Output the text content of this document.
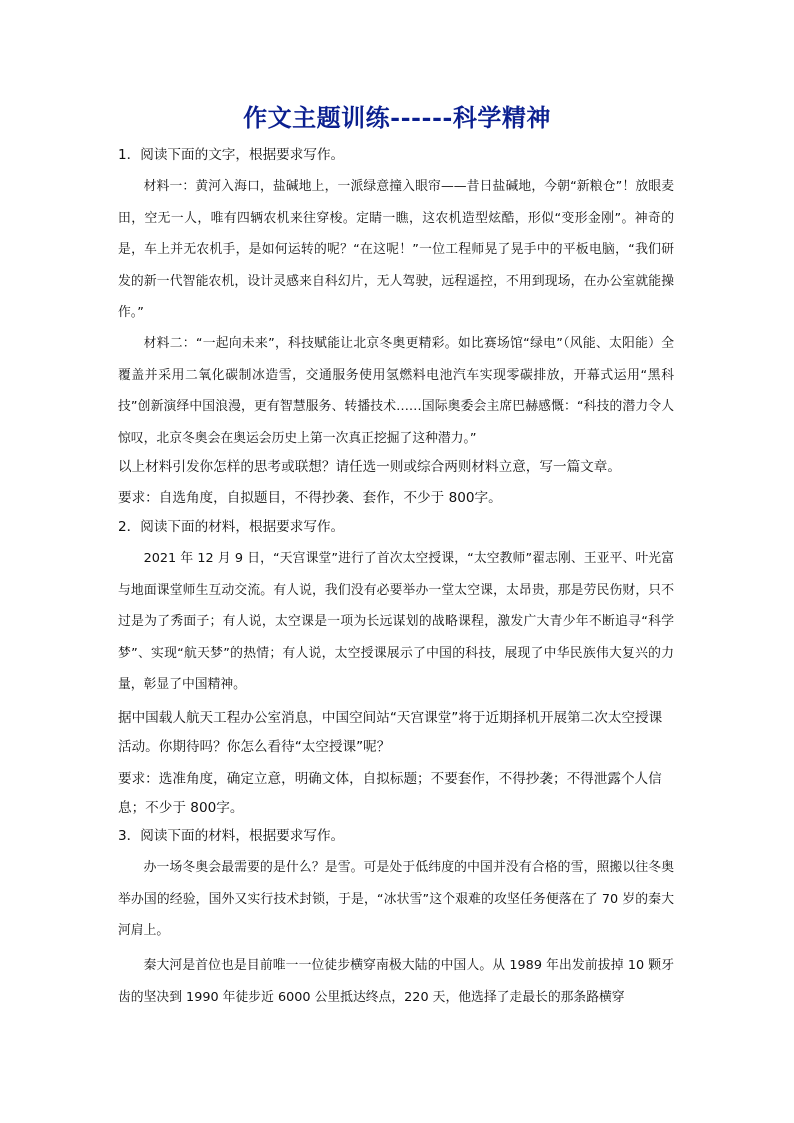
作文主题训练------科学精神
1．阅读下面的文字，根据要求写作。
材料一：黄河入海口，盐碱地上，一派绿意撞入眼帘——昔日盐碱地，今朝“新粮仓”！放眼麦田，空无一人，唯有四辆农机来往穿梭。定睛一瞧，这农机造型炫酷，形似“变形金刚”。神奇的是，车上并无农机手，是如何运转的呢？“在这呢！”一位工程师晃了晃手中的平板电脑，“我们研发的新一代智能农机，设计灵感来自科幻片，无人驾驶，远程遥控，不用到现场，在办公室就能操作。”
材料二：“一起向未来”，科技赋能让北京冬奥更精彩。如比赛场馆“绿电”（风能、太阳能）全覆盖并采用二氧化碳制冰造雪，交通服务使用氢燃料电池汽车实现零碳排放，开幕式运用“黑科技”创新演绎中国浪漫，更有智慧服务、转播技术……国际奥委会主席巴赫感慨：“科技的潜力令人惊叹，北京冬奥会在奥运会历史上第一次真正挖掘了这种潜力。”
以上材料引发你怎样的思考或联想？请任选一则或综合两则材料立意，写一篇文章。
要求：自选角度，自拟题目，不得抄袭、套作，不少于 800字。
2．阅读下面的材料，根据要求写作。
2021 年 12 月 9 日，“天宫课堂”进行了首次太空授课，“太空教师”翟志刚、王亚平、叶光富与地面课堂师生互动交流。有人说，我们没有必要举办一堂太空课，太昂贵，那是劳民伤财，只不过是为了秀面子；有人说，太空课是一项为长远谋划的战略课程，激发广大青少年不断追寻“科学梦”、实现“航天梦”的热情；有人说，太空授课展示了中国的科技，展现了中华民族伟大复兴的力量，彰显了中国精神。
据中国载人航天工程办公室消息，中国空间站“天宫课堂”将于近期择机开展第二次太空授课活动。你期待吗？你怎么看待“太空授课”呢？
要求：选准角度，确定立意，明确文体，自拟标题；不要套作，不得抄袭；不得泄露个人信息；不少于 800字。
3．阅读下面的材料，根据要求写作。
办一场冬奥会最需要的是什么？是雪。可是处于低纬度的中国并没有合格的雪，照搬以往冬奥举办国的经验，国外又实行技术封锁，于是，“冰状雪”这个艰难的攻坚任务便落在了 70 岁的秦大河肩上。
秦大河是首位也是目前唯一一位徒步横穿南极大陆的中国人。从 1989 年出发前拔掉 10 颗牙齿的坚决到 1990 年徒步近 6000 公里抵达终点，220 天，他选择了走最长的那条路横穿
